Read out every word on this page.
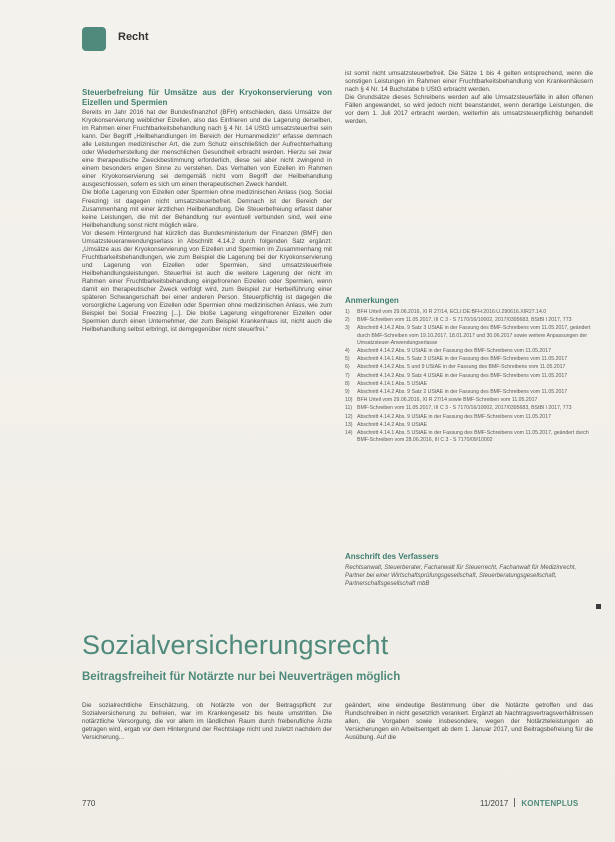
Recht
Steuerbefreiung für Umsätze aus der Kryokonservierung von Eizellen und Spermien
Bereits im Jahr 2016 hat der Bundesfinanzhof (BFH) entschieden, dass Umsätze der Kryokonservierung weiblicher Eizellen, also das Einfrieren und die Lagerung derselben, im Rahmen einer Fruchtbarkeitsbehandlung nach § 4 Nr. 14 UStG umsatzsteuerfrei sein kann. Der Begriff „Heilbehandlungen im Bereich der Humanmedizin“ erfasse demnach alle Leistungen medizinischer Art, die zum Schutz einschließlich der Aufrechterhaltung oder Wiederherstellung der menschlichen Gesundheit erbracht werden. Hierzu sei zwar eine therapeutische Zweckbestimmung erforderlich, diese sei aber nicht zwingend in einem besonders engen Sinne zu verstehen. Das Verhalten von Eizellen im Rahmen einer Kryokonservierung sei demgemäß nicht vom Begriff der Heilbehandlung ausgeschlossen, sofern es sich um einen therapeutischen Zweck handelt.
Die bloße Lagerung von Eizellen oder Spermien ohne medizinischen Anlass (sog. Social Freezing) ist dagegen nicht umsatzsteuerbefreit. Demnach ist der Bereich der Zusammenhang mit einer ärztlichen Heilbehandlung. Die Steuerbefreiung erfasst daher keine Leistungen, die mit der Behandlung nur eventuell verbunden sind, weil eine Heilbehandlung sonst nicht möglich wäre.
Vor diesem Hintergrund hat kürzlich das Bundesministerium der Finanzen (BMF) den Umsatzsteueranwendungserlass in Abschnitt 4.14.2 durch folgenden Satz ergänzt: „Umsätze aus der Kryokonservierung von Eizellen und Spermien im Zusammenhang mit Fruchtbarkeitsbehandlungen, wie zum Beispiel die Lagerung bei der Kryokonservierung und Lagerung von Eizellen oder Spermien, sind umsatzsteuerfreie Heilbehandlungsleistungen. Steuerfrei ist auch die weitere Lagerung der nicht im Rahmen einer Fruchtbarkeitsbehandlung eingefrorenen Eizellen oder Spermien, wenn damit ein therapeutischer Zweck verfolgt wird, zum Beispiel zur Herbeiführung einer späteren Schwangerschaft bei einer anderen Person. Steuerpflichtig ist dagegen die vorsorgliche Lagerung von Eizellen oder Spermien ohne medizinischen Anlass, wie zum Beispiel bei Social Freezing [...]. Die bloße Lagerung eingefrorener Eizellen oder Spermien durch einen Unternehmer, der zum Beispiel Krankenhaus ist, nicht auch die Heilbehandlung selbst erbringt, ist demgegenüber nicht steuerfrei.“
ist somit nicht umsatzsteuerbefreit. Die Sätze 1 bis 4 gelten entsprechend, wenn die sonstigen Leistungen im Rahmen einer Fruchtbarkeitsbehandlung von Krankenhäusern nach § 4 Nr. 14 Buchstabe b UStG erbracht werden.
Die Grundsätze dieses Schreibens werden auf alle Umsatzsteuerfälle in allen offenen Fällen angewandet, so wird jedoch nicht beanstandet, wenn derartige Leistungen, die vor dem 1. Juli 2017 erbracht werden, weiterhin als umsatzsteuerpflichtig behandelt werden.
Anmerkungen
1)	BFH Urteil vom 29.06.2016, XI R 27/14, ECLI:DE:BFH:2016:U.290616.XIR27.14.0
2)	BMF-Schreiben vom 11.05.2017, III C 3 - S 7170/16/10002, 2017/0395683, BStBl I 2017, 773
3)	Abschnitt 4.14.2 Abs. 9 Satz 3 UStAE in der Fassung des BMF-Schreibens vom 11.05.2017, geändert durch BMF-Schreiben vom 19.10.2017, 18.01.2017 und 30.06.2017 sowie weitere Anpassungen der Umsatzsteuer-Anwendungserlasse
4)	Abschnitt 4.14.2 Abs. 9 UStAE in der Fassung des BMF-Schreibens vom 11.05.2017
5)	Abschnitt 4.14.1 Abs. 5 Satz 3 UStAE in der Fassung des BMF-Schreibens vom 11.05.2017
6)	Abschnitt 4.14.2 Abs. 5 und 9 UStAE in der Fassung des BMF-Schreibens vom 11.05.2017
7)	Abschnitt 4.14.2 Abs. 9 Satz 4 UStAE in der Fassung des BMF-Schreibens vom 11.05.2017
8)	Abschnitt 4.14.1 Abs. 5 UStAE
9)	Abschnitt 4.14.2 Abs. 9 Satz 2 UStAE in der Fassung des BMF-Schreibens vom 11.05.2017
10) BFH Urteil vom 29.06.2016, XI R 27/14 sowie BMF-Schreiben vom 11.05.2017
11) BMF-Schreiben vom 11.05.2017, III C 3 - S 7170/16/10002, 2017/0395683, BStBl I 2017, 773
12) Abschnitt 4.14.2 Abs. 9 UStAE in der Fassung des BMF-Schreibens vom 11.05.2017
13) Abschnitt 4.14.2 Abs. 9 UStAE
14) Abschnitt 4.14.1 Abs. 5 UStAE in der Fassung des BMF-Schreibens vom 11.05.2017, geändert durch BMF-Schreiben vom 28.06.2016, III C 3 - S 7170/09/10002
Anschrift des Verfassers
Rechtsanwalt, Steuerberater, Fachanwalt für Steuerrecht, Fachanwalt für Medizinrecht, Partner bei einer Wirtschaftsprüfungsgesellschaft, Steuerberatungsgesellschaft, Partnerschaftsgesellschaft mbB
Sozialversicherungsrecht
Beitragsfreiheit für Notärzte nur bei Neuverträgen möglich
Die sozialrechtliche Einschätzung, ob Notärzte von der Beitragspflicht zur Sozialversicherung zu befreien, war im Krankengesetz bis heute umstritten. Die notärztliche Versorgung, die vor allem im ländlichen Raum durch freiberufliche Ärzte getragen wird, ergab vor dem Hintergrund der Rechtslage nicht und zuletzt nachdem der Versicherung...
geändert, eine eindeutige Bestimmung über die Notärzte getroffen und das Rundschreiben in nicht gesetzlich verankert. Ergänzt ab Nachtragsvertragsverhältnissen allen, die Vorgaben sowie insbesondere, wegen der Notärzteleistungen ab Versicherungen ein Arbeitsentgelt ab dem 1. Januar 2017, und Beitragsbefreiung für die Ausübung. Auf die
770	11/2017 KONTENPLUS
